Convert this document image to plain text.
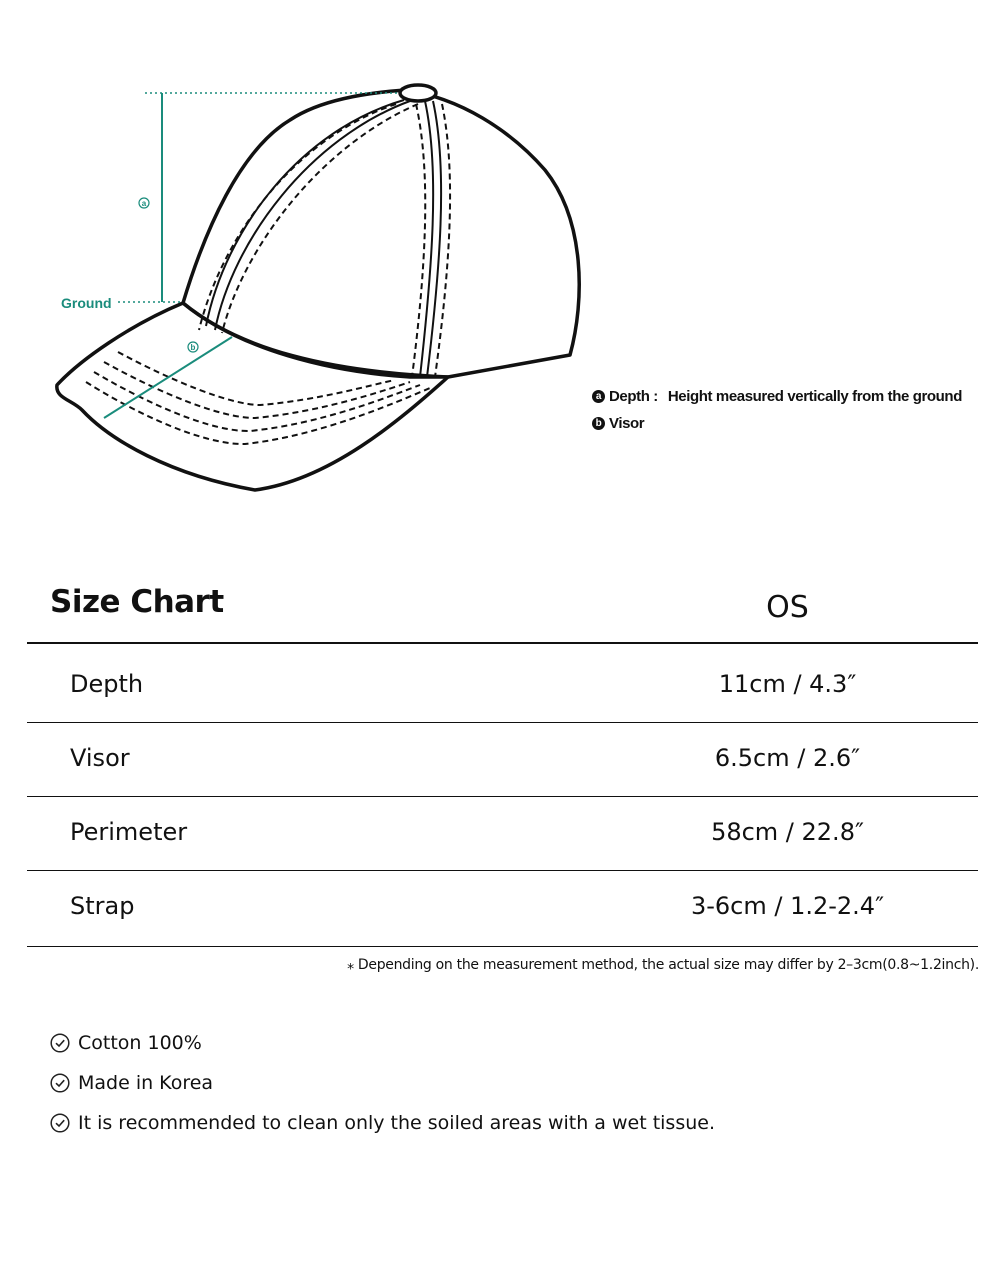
Ground
a
b
a Depth : Height measured vertically from the ground
b Visor
Size Chart	OS
Depth	11cm / 4.3″
Visor	6.5cm / 2.6″
Perimeter	58cm / 22.8″
Strap	3-6cm / 1.2-2.4″
⁎ Depending on the measurement method, the actual size may differ by 2–3cm(0.8~1.2inch).
Cotton 100%
Made in Korea
It is recommended to clean only the soiled areas with a wet tissue.
